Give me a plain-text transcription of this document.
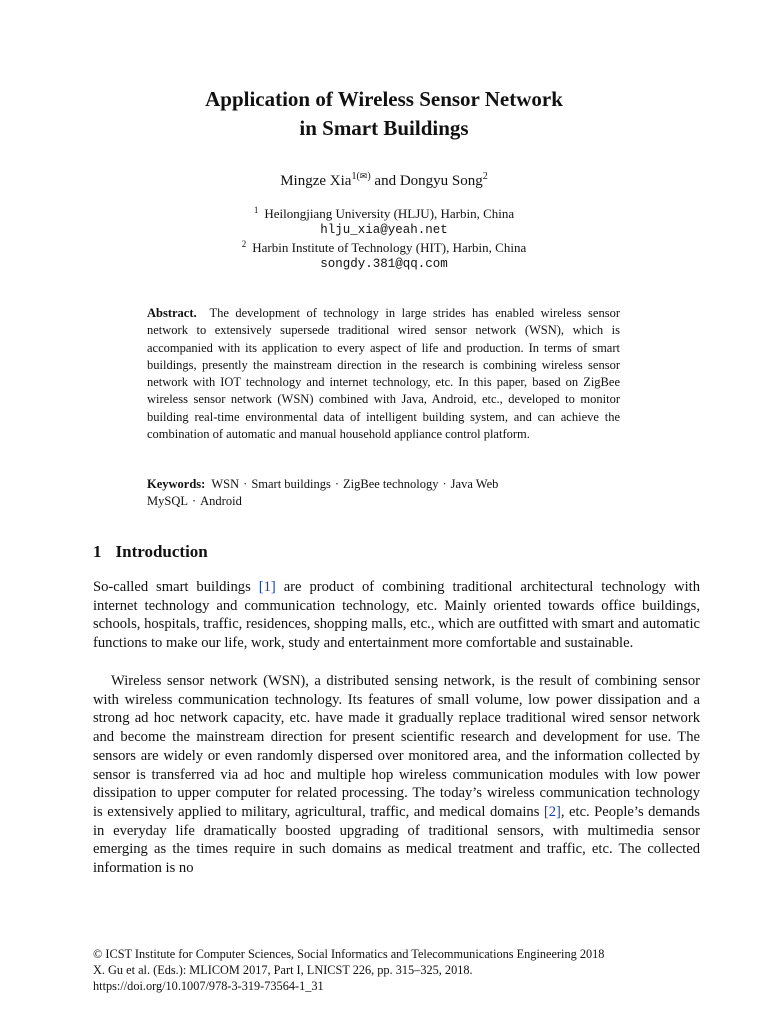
Application of Wireless Sensor Network
in Smart Buildings
Mingze Xia$^{1(✉)}$ and Dongyu Song$^2$
$^1$ Heilongjiang University (HLJU), Harbin, China
hlju_xia@yeah.net
$^2$ Harbin Institute of Technology (HIT), Harbin, China
songdy.381@qq.com

Abstract. The development of technology in large strides has enabled wireless sensor network to extensively supersede traditional wired sensor network (WSN), which is accompanied with its application to every aspect of life and production. In terms of smart buildings, presently the mainstream direction in the research is combining wireless sensor network with IOT technology and internet technology, etc. In this paper, based on ZigBee wireless sensor network (WSN) combined with Java, Android, etc., developed to monitor building real-time environmental data of intelligent building system, and can achieve the combination of automatic and manual household appliance control platform.

Keywords: WSN · Smart buildings · ZigBee technology · Java Web
MySQL · Android

1 Introduction

So-called smart buildings [1] are product of combining traditional architectural technology with internet technology and communication technology, etc. Mainly oriented towards office buildings, schools, hospitals, traffic, residences, shopping malls, etc., which are outfitted with smart and automatic functions to make our life, work, study and entertainment more comfortable and sustainable.

Wireless sensor network (WSN), a distributed sensing network, is the result of combining sensor with wireless communication technology. Its features of small volume, low power dissipation and a strong ad hoc network capacity, etc. have made it gradually replace traditional wired sensor network and become the mainstream direction for present scientific research and development for use. The sensors are widely or even randomly dispersed over monitored area, and the information collected by sensor is transferred via ad hoc and multiple hop wireless communication modules with low power dissipation to upper computer for related processing. The today’s wireless communication technology is extensively applied to military, agricultural, traffic, and medical domains [2], etc. People’s demands in everyday life dramatically boosted upgrading of traditional sensors, with multimedia sensor emerging as the times require in such domains as medical treatment and traffic, etc. The collected information is no

© ICST Institute for Computer Sciences, Social Informatics and Telecommunications Engineering 2018
X. Gu et al. (Eds.): MLICOM 2017, Part I, LNICST 226, pp. 315–325, 2018.
https://doi.org/10.1007/978-3-319-73564-1_31
